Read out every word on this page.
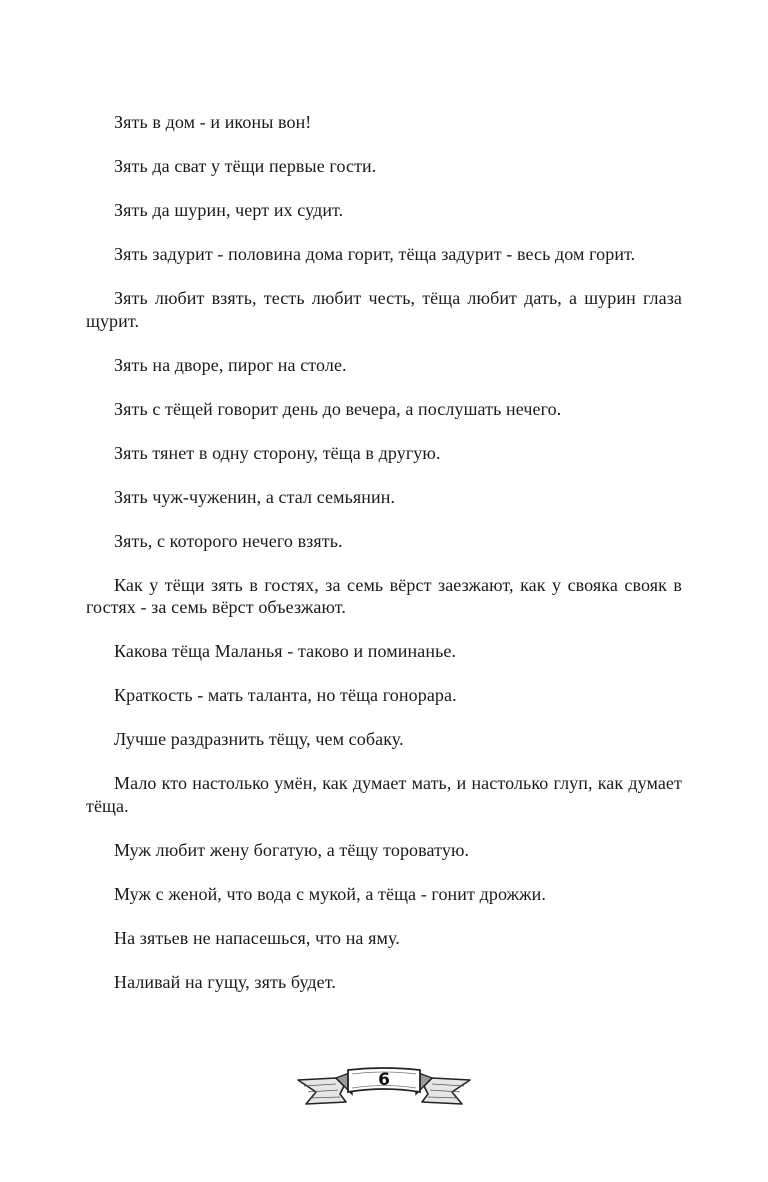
Зять в дом - и иконы вон!

Зять да сват у тёщи первые гости.

Зять да шурин, черт их судит.

Зять задурит - половина дома горит, тёща задурит - весь дом горит.

Зять любит взять, тесть любит честь, тёща любит дать, а шурин глаза щурит.

Зять на дворе, пирог на столе.

Зять с тёщей говорит день до вечера, а послушать нечего.

Зять тянет в одну сторону, тёща в другую.

Зять чуж-чуженин, а стал семьянин.

Зять, с которого нечего взять.

Как у тёщи зять в гостях, за семь вёрст заезжают, как у свояка свояк в гостях - за семь вёрст объезжают.

Какова тёща Маланья - таково и поминанье.

Краткость - мать таланта, но тёща гонорара.

Лучше раздразнить тёщу, чем собаку.

Мало кто настолько умён, как думает мать, и настолько глуп, как думает тёща.

Муж любит жену богатую, а тёщу тороватую.

Муж с женой, что вода с мукой, а тёща - гонит дрожжи.

На зятьев не напасешься, что на яму.

Наливай на гущу, зять будет.

6
